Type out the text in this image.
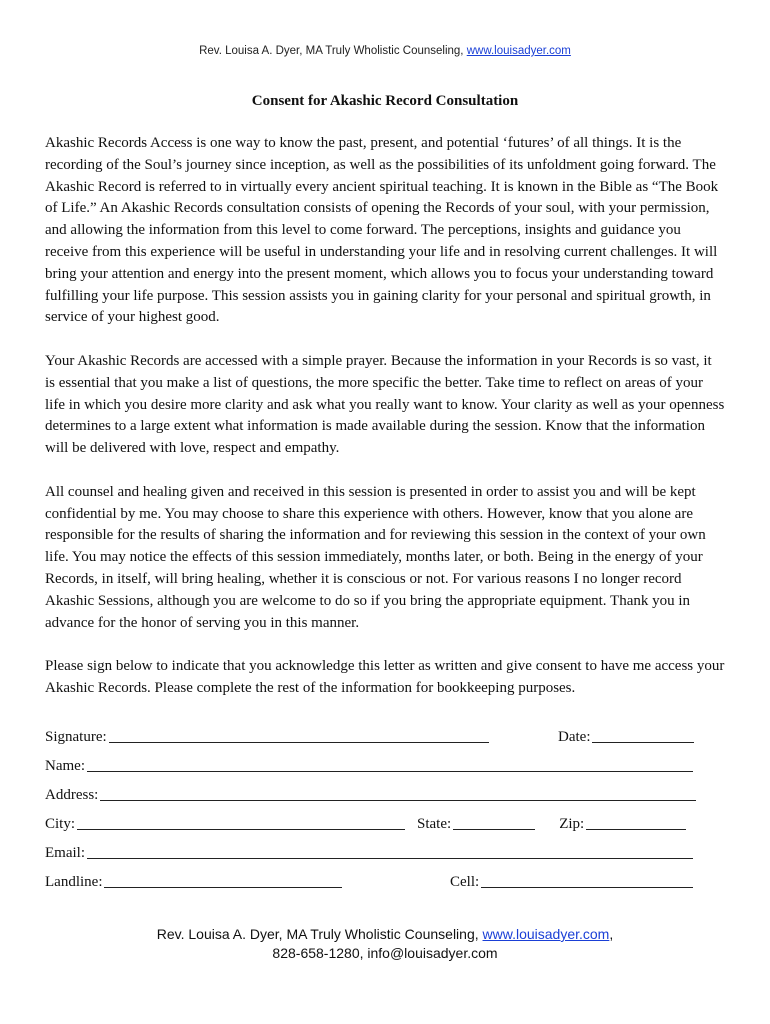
Rev. Louisa A. Dyer, MA Truly Wholistic Counseling, www.louisadyer.com
Consent for Akashic Record Consultation

Akashic Records Access is one way to know the past, present, and potential ‘futures’ of all things. It is the recording of the Soul’s journey since inception, as well as the possibilities of its unfoldment going forward. The Akashic Record is referred to in virtually every ancient spiritual teaching. It is known in the Bible as “The Book of Life.” An Akashic Records consultation consists of opening the Records of your soul, with your permission, and allowing the information from this level to come forward. The perceptions, insights and guidance you receive from this experience will be useful in understanding your life and in resolving current challenges. It will bring your attention and energy into the present moment, which allows you to focus your understanding toward fulfilling your life purpose. This session assists you in gaining clarity for your personal and spiritual growth, in service of your highest good.

Your Akashic Records are accessed with a simple prayer. Because the information in your Records is so vast, it is essential that you make a list of questions, the more specific the better. Take time to reflect on areas of your life in which you desire more clarity and ask what you really want to know. Your clarity as well as your openness determines to a large extent what information is made available during the session. Know that the information will be delivered with love, respect and empathy.

All counsel and healing given and received in this session is presented in order to assist you and will be kept confidential by me. You may choose to share this experience with others. However, know that you alone are responsible for the results of sharing the information and for reviewing this session in the context of your own life. You may notice the effects of this session immediately, months later, or both. Being in the energy of your Records, in itself, will bring healing, whether it is conscious or not. For various reasons I no longer record Akashic Sessions, although you are welcome to do so if you bring the appropriate equipment. Thank you in advance for the honor of serving you in this manner.

Please sign below to indicate that you acknowledge this letter as written and give consent to have me access your Akashic Records. Please complete the rest of the information for bookkeeping purposes.

Signature:	Date:
Name:
Address:
City:	State:	Zip:
Email:
Landline:	Cell:
Rev. Louisa A. Dyer, MA Truly Wholistic Counseling, www.louisadyer.com,
828-658-1280, info@louisadyer.com
